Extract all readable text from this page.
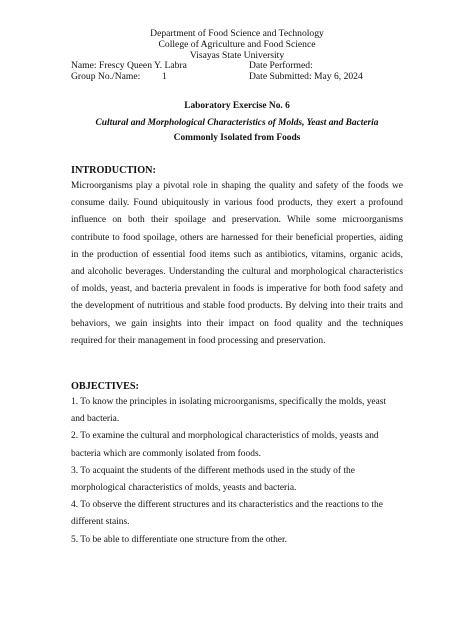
Department of Food Science and Technology
College of Agriculture and Food Science
Visayas State University
Name: Frescy Queen Y. Labra	Date Performed:
Group No./Name: 1	Date Submitted: May 6, 2024
Laboratory Exercise No. 6
Cultural and Morphological Characteristics of Molds, Yeast and Bacteria
Commonly Isolated from Foods
INTRODUCTION:
Microorganisms play a pivotal role in shaping the quality and safety of the foods we consume daily. Found ubiquitously in various food products, they exert a profound influence on both their spoilage and preservation. While some microorganisms contribute to food spoilage, others are harnessed for their beneficial properties, aiding in the production of essential food items such as antibiotics, vitamins, organic acids, and alcoholic beverages. Understanding the cultural and morphological characteristics of molds, yeast, and bacteria prevalent in foods is imperative for both food safety and the development of nutritious and stable food products. By delving into their traits and behaviors, we gain insights into their impact on food quality and the techniques required for their management in food processing and preservation.
OBJECTIVES:
1. To know the principles in isolating microorganisms, specifically the molds, yeast
and bacteria.
2. To examine the cultural and morphological characteristics of molds, yeasts and
bacteria which are commonly isolated from foods.
3. To acquaint the students of the different methods used in the study of the
morphological characteristics of molds, yeasts and bacteria.
4. To observe the different structures and its characteristics and the reactions to the
different stains.
5. To be able to differentiate one structure from the other.
